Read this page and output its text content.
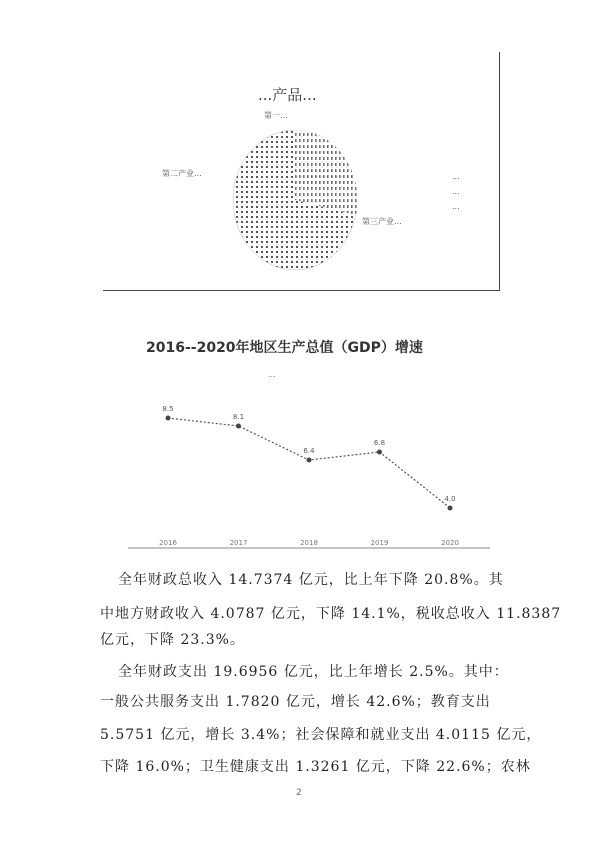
...产品...
第一...
第二产业...
第三产业...
...
...
...
2016--2020年地区生产总值（GDP）增速
...
8.5
2016
8.1
2017
6.4
2018
6.8
2019
4.0
2020
全年财政总收入 14.7374 亿元，比上年下降 20.8%。其
中地方财政收入 4.0787 亿元，下降 14.1%，税收总收入 11.8387
亿元，下降 23.3%。
全年财政支出 19.6956 亿元，比上年增长 2.5%。其中：
一般公共服务支出 1.7820 亿元，增长 42.6%；教育支出
5.5751 亿元，增长 3.4%；社会保障和就业支出 4.0115 亿元，
下降 16.0%；卫生健康支出 1.3261 亿元，下降 22.6%；农林
2
